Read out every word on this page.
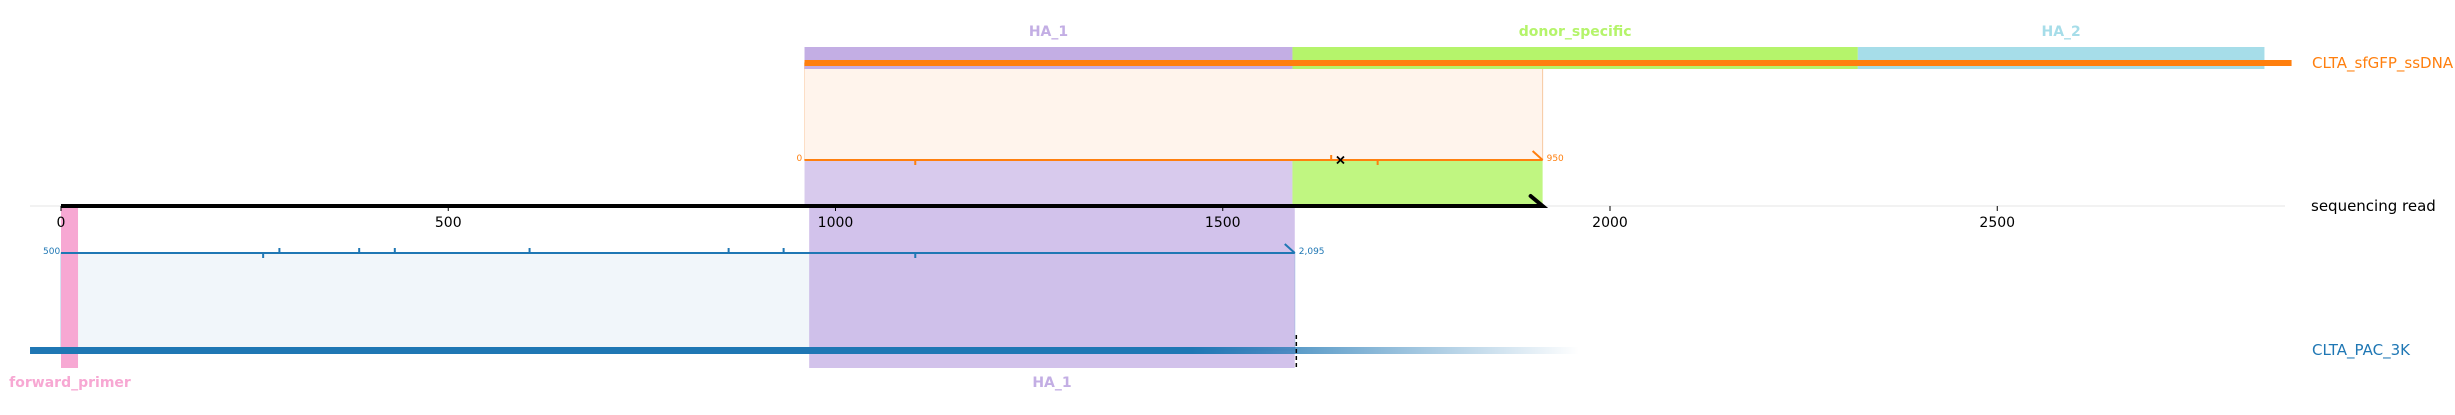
HA_1	donor_specific	HA_2
HA_1
forward_primer
CLTA_sfGFP_ssDNA
sequencing read
CLTA_PAC_3K
0	500	1000	1500	2000	2500
0	950
500	2,095
